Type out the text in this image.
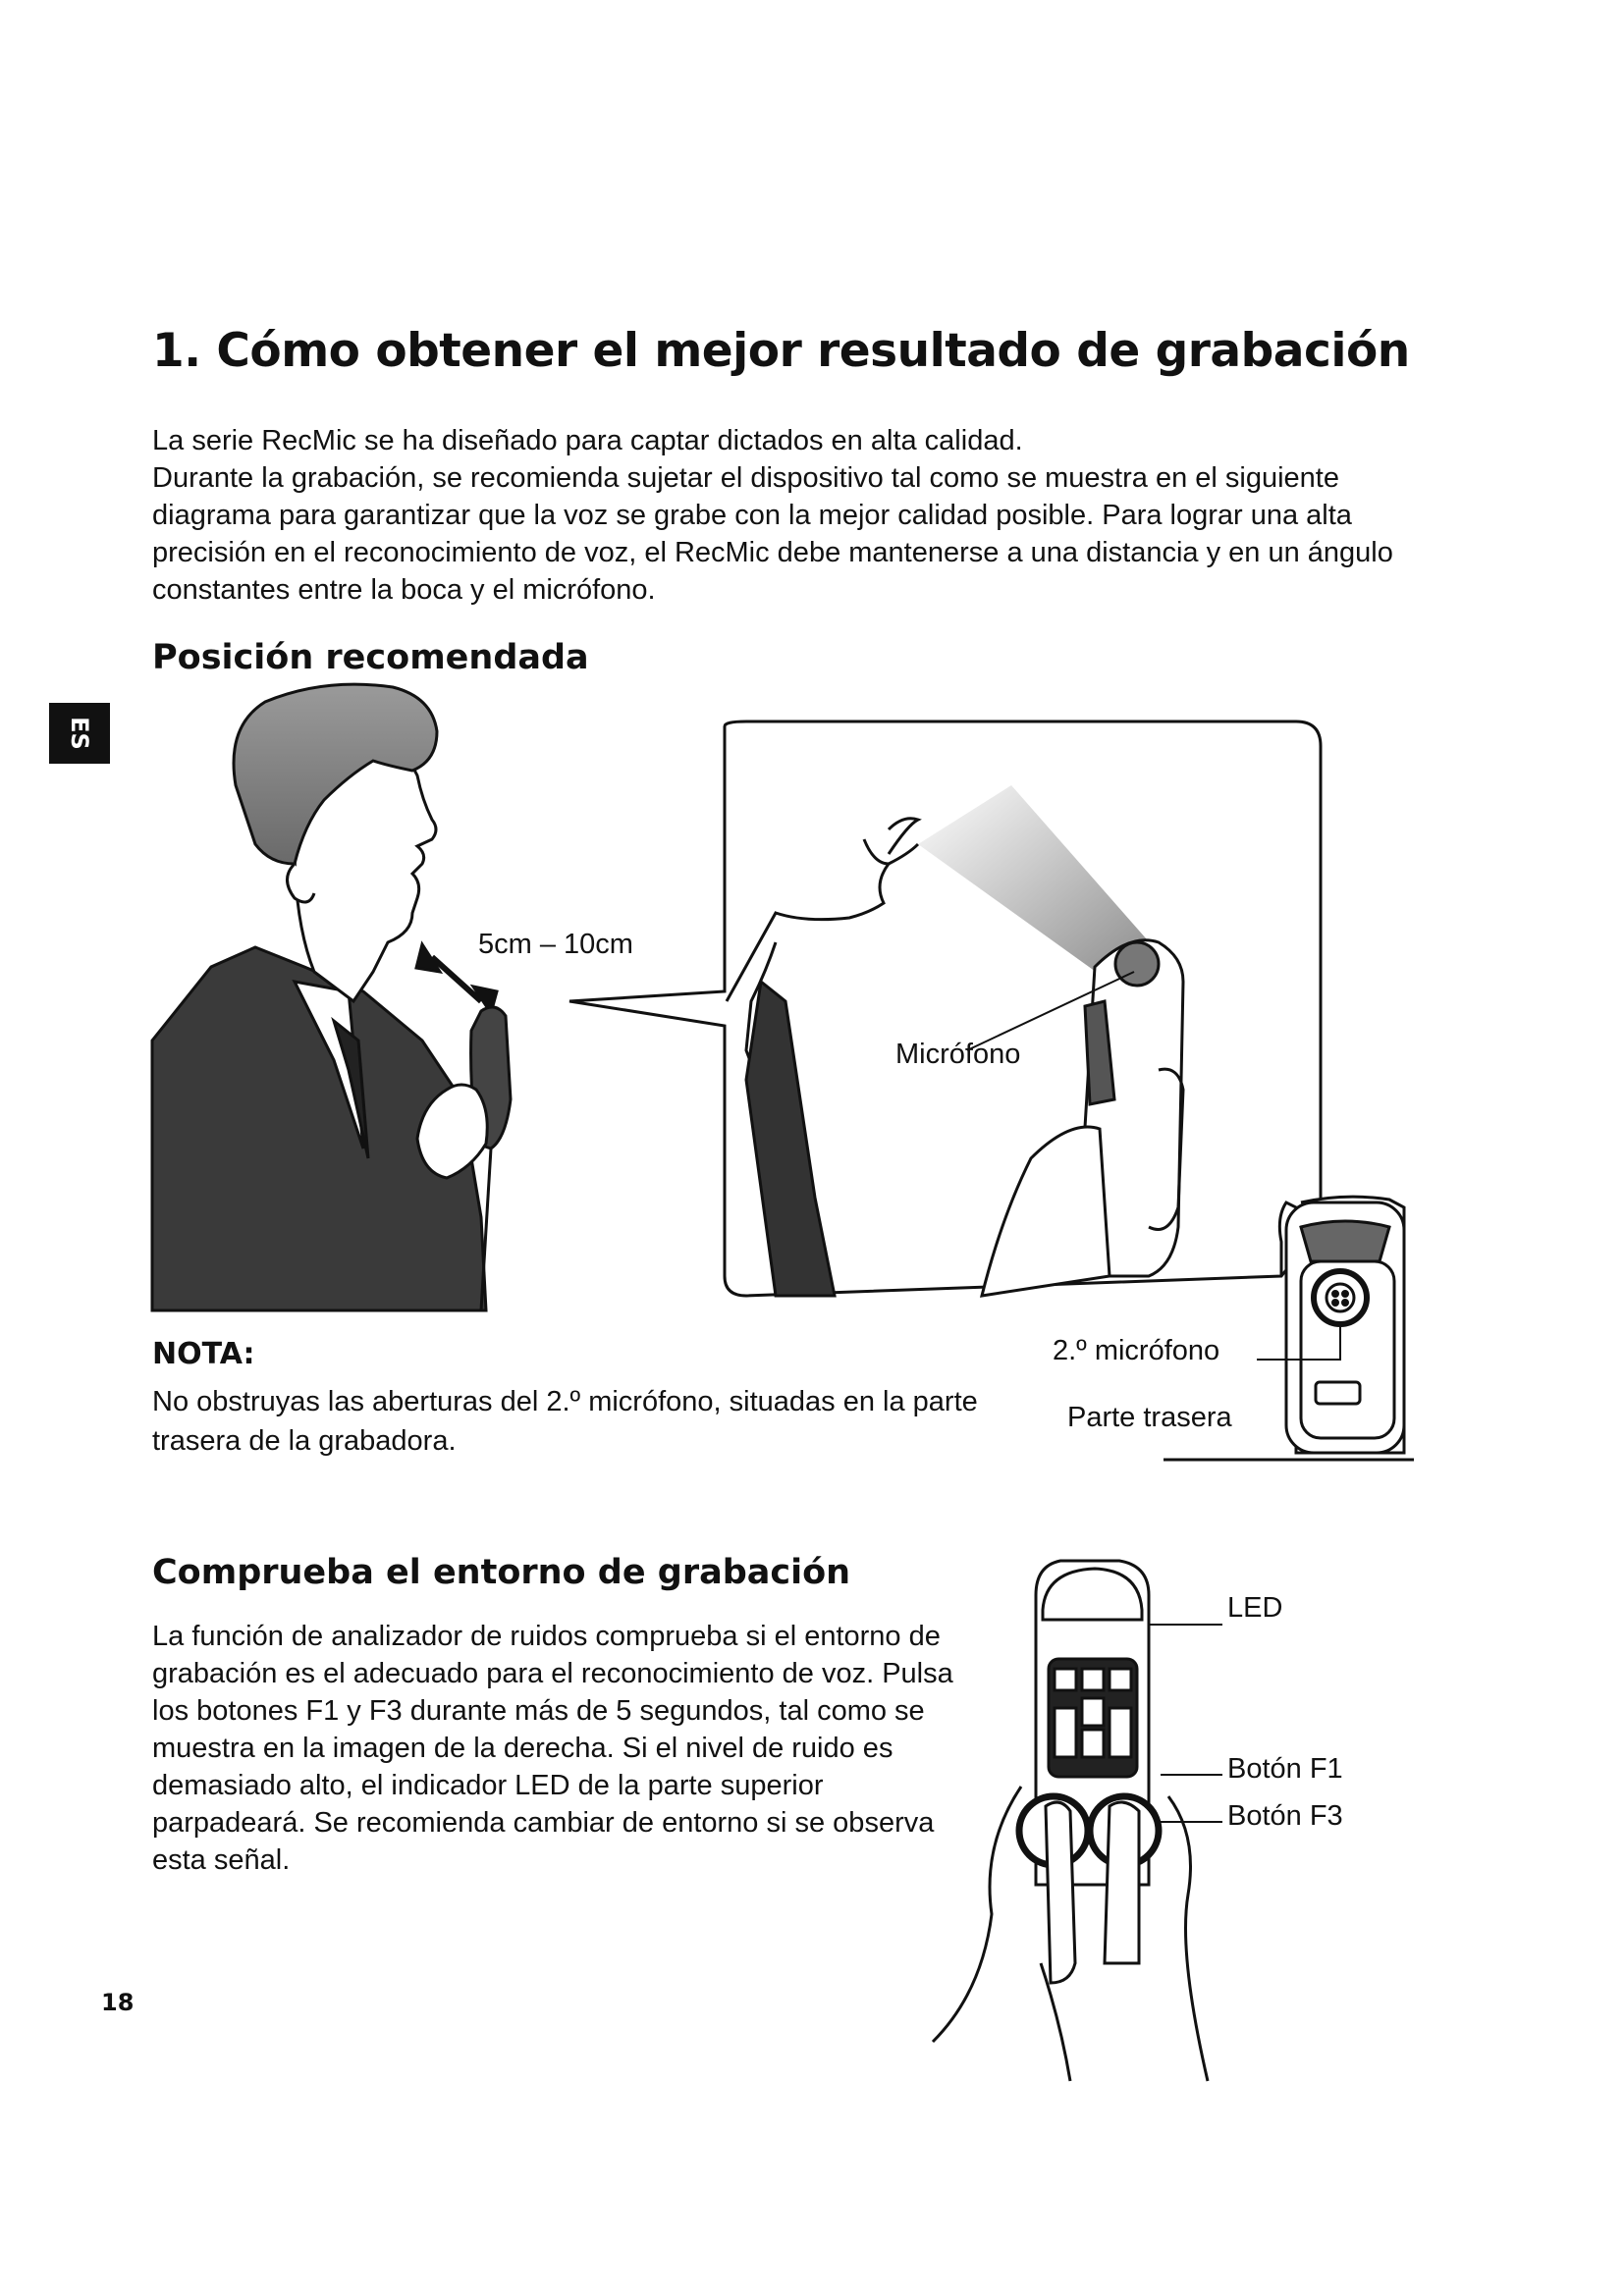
ES
1. Cómo obtener el mejor resultado de grabación

La serie RecMic se ha diseñado para captar dictados en alta calidad.

Durante la grabación, se recomienda sujetar el dispositivo tal como se muestra en el siguiente diagrama para garantizar que la voz se grabe con la mejor calidad posible. Para lograr una alta precisión en el reconocimiento de voz, el RecMic debe mantenerse a una distancia y en un ángulo constantes entre la boca y el micrófono.

Posición recomendada
5cm – 10cm
Micrófono
2.º micrófono
Parte trasera
NOTA:

No obstruyas las aberturas del 2.º micrófono, situadas en la parte trasera de la grabadora.

Comprueba el entorno de grabación

La función de analizador de ruidos comprueba si el entorno de grabación es el adecuado para el reconocimiento de voz. Pulsa los botones F1 y F3 durante más de 5 segundos, tal como se muestra en la imagen de la derecha. Si el nivel de ruido es demasiado alto, el indicador LED de la parte superior parpadeará. Se recomienda cambiar de entorno si se observa esta señal.

LED
Botón F1
Botón F3
18
